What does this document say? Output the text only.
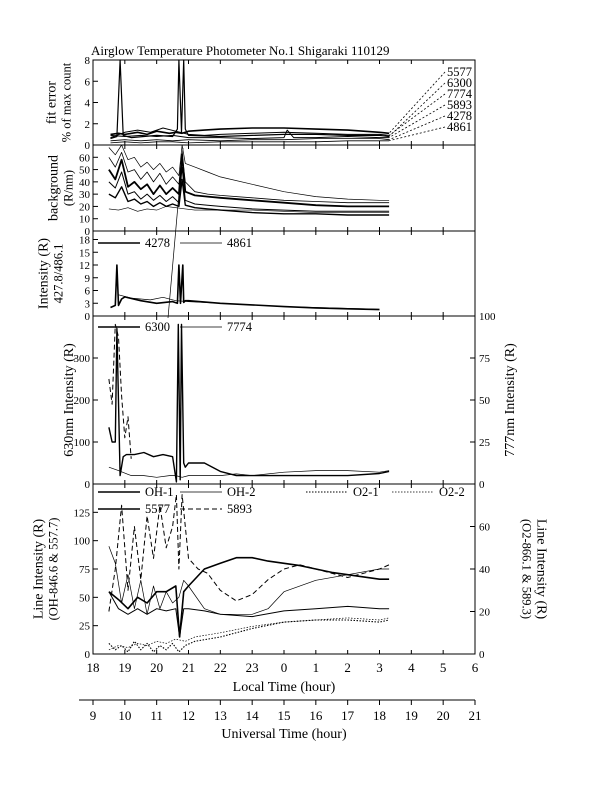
Airglow Temperature Photometer No.1 Shigaraki 110129
0
2
4
6
8
fit error % of max count	5577
6300
7774
5893
4278
4861
0
10
20
30
40
50
60
background (R/nm)
0
3
6
9
12
15
18	4278	4861
Intensity (R) 427.8/486.1
0
100
200
300
0
25
50
75
100
6300	7774
630nm Intensity (R)	777nm Intensity (R)
0
25
50
75
100
125
0
20
40
60
OH-1	OH-2	O2-1	O2-2
5577	5893
Line Intensity (R) (OH-846.6 & 557.7)	Line Intensity (R)
(O2-866.1 & 589.3)
18 19 20 21 22 23 0 1 2 3 4 5 6
Local Time (hour)
9 10 11 12 13 14 15 16 17 18 19 20 21
Universal Time (hour)
